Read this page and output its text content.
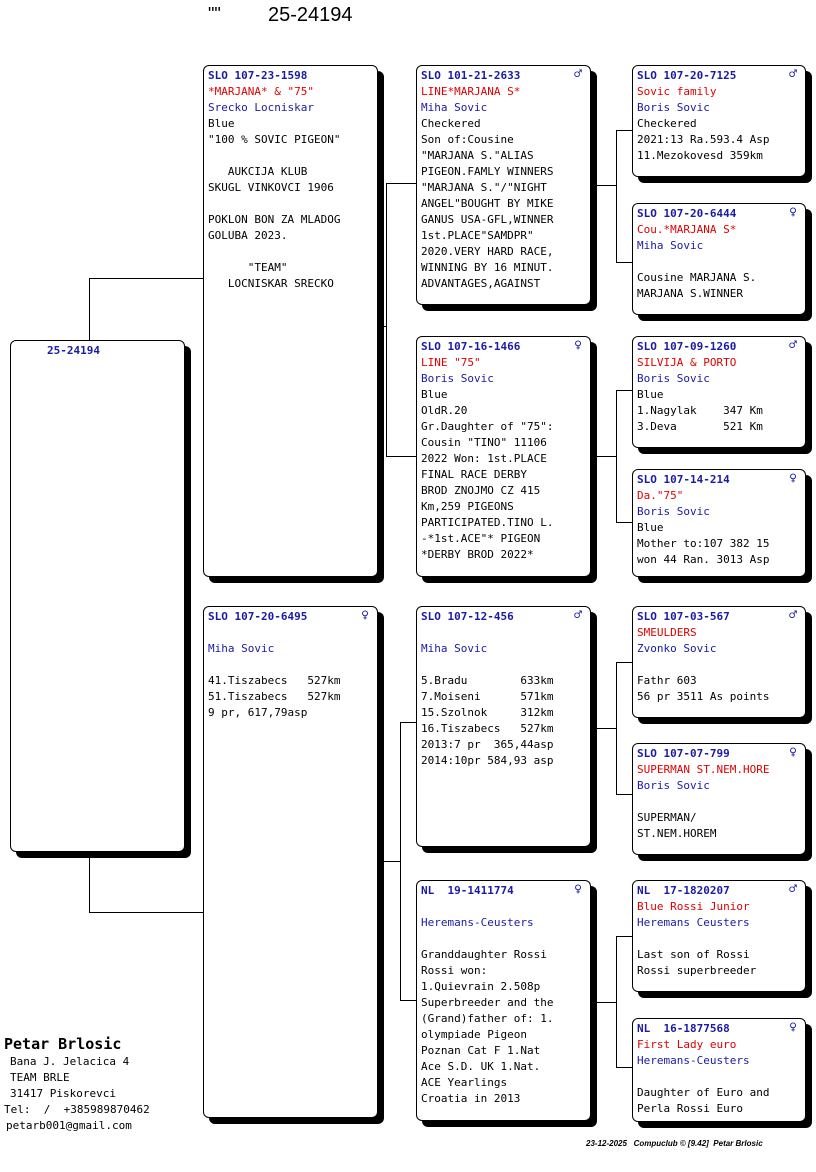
"" 25-24194
25-24194
SLO 107-23-1598
*MARJANA* & "75"
Srecko Locniskar
Blue
"100 % SOVIC PIGEON"
AUKCIJA KLUB
SKUGL VINKOVCI 1906
POKLON BON ZA MLADOG
GOLUBA 2023.
"TEAM"
LOCNISKAR SRECKO
SLO 107-20-6495	♀
Miha Sovic
41.Tiszabecs   527km
51.Tiszabecs   527km
9 pr, 617,79asp
SLO 101-21-2633	♂
LINE*MARJANA S*
Miha Sovic
Checkered
Son of:Cousine
"MARJANA S."ALIAS
PIGEON.FAMLY WINNERS
"MARJANA S."/"NIGHT
ANGEL"BOUGHT BY MIKE
GANUS USA-GFL,WINNER
1st.PLACE"SAMDPR"
2020.VERY HARD RACE,
WINNING BY 16 MINUT.
ADVANTAGES,AGAINST
SLO 107-16-1466	♀
LINE "75"
Boris Sovic
Blue
OldR.20
Gr.Daughter of "75":
Cousin "TINO" 11106
2022 Won: 1st.PLACE
FINAL RACE DERBY
BROD ZNOJMO CZ 415
Km,259 PIGEONS
PARTICIPATED.TINO L.
-*1st.ACE"* PIGEON
*DERBY BROD 2022*
SLO 107-12-456	♂
Miha Sovic
5.Bradu        633km
7.Moiseni      571km
15.Szolnok     312km
16.Tiszabecs   527km
2013:7 pr  365,44asp
2014:10pr 584,93 asp
NL  19-1411774	♀
Heremans-Ceusters
Granddaughter Rossi
Rossi won:
1.Quievrain 2.508p
Superbreeder and the
(Grand)father of: 1.
olympiade Pigeon
Poznan Cat F 1.Nat
Ace S.D. UK 1.Nat.
ACE Yearlings
Croatia in 2013
SLO 107-20-7125	♂
Sovic family
Boris Sovic
Checkered
2021:13 Ra.593.4 Asp
11.Mezokovesd 359km
SLO 107-20-6444	♀
Cou.*MARJANA S*
Miha Sovic
Cousine MARJANA S.
MARJANA S.WINNER
SLO 107-09-1260	♂
SILVIJA & PORTO
Boris Sovic
Blue
1.Nagylak    347 Km
3.Deva       521 Km
SLO 107-14-214	♀
Da."75"
Boris Sovic
Blue
Mother to:107 382 15
won 44 Ran. 3013 Asp
SLO 107-03-567	♂
SMEULDERS
Zvonko Sovic
Fathr 603
56 pr 3511 As points
SLO 107-07-799	♀
SUPERMAN ST.NEM.HORE
Boris Sovic
SUPERMAN/
ST.NEM.HOREM
NL  17-1820207	♂
Blue Rossi Junior
Heremans Ceusters
Last son of Rossi
Rossi superbreeder
NL  16-1877568	♀
First Lady euro
Heremans-Ceusters
Daughter of Euro and
Perla Rossi Euro
Petar Brlosic
Bana J. Jelacica 4
TEAM BRLE
31417 Piskorevci
Tel:  /  +385989870462
petarb001@gmail.com
23-12-2025 Compuclub © [9.42] Petar Brlosic
